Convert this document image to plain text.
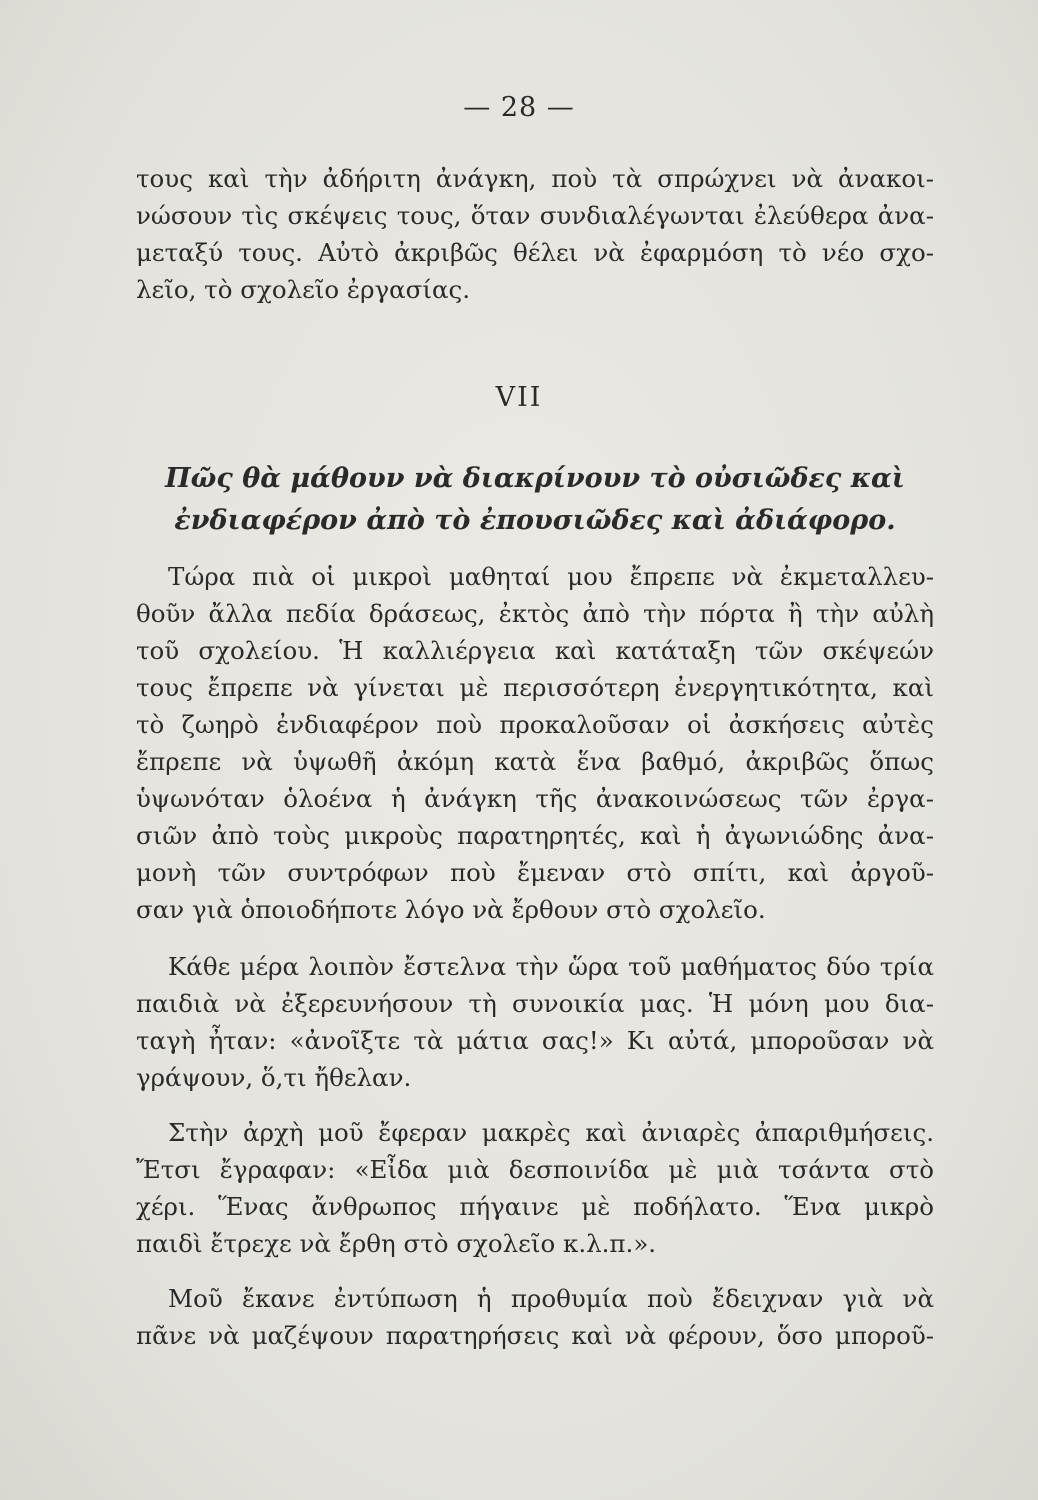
— 28 —
τους καὶ τὴν ἀδήριτη ἀνάγκη, ποὺ τὰ σπρώχνει νὰ ἀνακοι-
νώσουν τὶς σκέψεις τους, ὅταν συνδιαλέγωνται ἐλεύθερα ἀνα-
μεταξύ τους. Αὐτὸ ἀκριβῶς θέλει νὰ ἐφαρμόση τὸ νέο σχο-
λεῖο, τὸ σχολεῖο ἐργασίας.
VII
Πῶς θὰ μάθουν νὰ διακρίνουν τὸ οὐσιῶδες καὶ
ἐνδιαφέρον ἀπὸ τὸ ἐπουσιῶδες καὶ ἀδιάφορο.
Τώρα πιὰ οἱ μικροὶ μαθηταί μου ἔπρεπε νὰ ἐκμεταλλευ-
θοῦν ἄλλα πεδία δράσεως, ἐκτὸς ἀπὸ τὴν πόρτα ἢ τὴν αὐλὴ
τοῦ σχολείου. Ἡ καλλιέργεια καὶ κατάταξη τῶν σκέψεών
τους ἔπρεπε νὰ γίνεται μὲ περισσότερη ἐνεργητικότητα, καὶ
τὸ ζωηρὸ ἐνδιαφέρον ποὺ προκαλοῦσαν οἱ ἀσκήσεις αὐτὲς
ἔπρεπε νὰ ὑψωθῆ ἀκόμη κατὰ ἕνα βαθμό, ἀκριβῶς ὅπως
ὑψωνόταν ὁλοένα ἡ ἀνάγκη τῆς ἀνακοινώσεως τῶν ἐργα-
σιῶν ἀπὸ τοὺς μικροὺς παρατηρητές, καὶ ἡ ἀγωνιώδης ἀνα-
μονὴ τῶν συντρόφων ποὺ ἔμεναν στὸ σπίτι, καὶ ἀργοῦ-
σαν γιὰ ὁποιοδήποτε λόγο νὰ ἔρθουν στὸ σχολεῖο.
Κάθε μέρα λοιπὸν ἔστελνα τὴν ὥρα τοῦ μαθήματος δύο τρία
παιδιὰ νὰ ἐξερευνήσουν τὴ συνοικία μας. Ἡ μόνη μου δια-
ταγὴ ἦταν: «ἀνοῖξτε τὰ μάτια σας!» Κι αὐτά, μποροῦσαν νὰ
γράψουν, ὅ,τι ἤθελαν.
Στὴν ἀρχὴ μοῦ ἔφεραν μακρὲς καὶ ἀνιαρὲς ἀπαριθμήσεις.
Ἔτσι ἔγραφαν: «Εἶδα μιὰ δεσποινίδα μὲ μιὰ τσάντα στὸ
χέρι. Ἕνας ἄνθρωπος πήγαινε μὲ ποδήλατο. Ἕνα μικρὸ
παιδὶ ἔτρεχε νὰ ἔρθη στὸ σχολεῖο κ.λ.π.».
Μοῦ ἔκανε ἐντύπωση ἡ προθυμία ποὺ ἔδειχναν γιὰ νὰ
πᾶνε νὰ μαζέψουν παρατηρήσεις καὶ νὰ φέρουν, ὅσο μποροῦ-
